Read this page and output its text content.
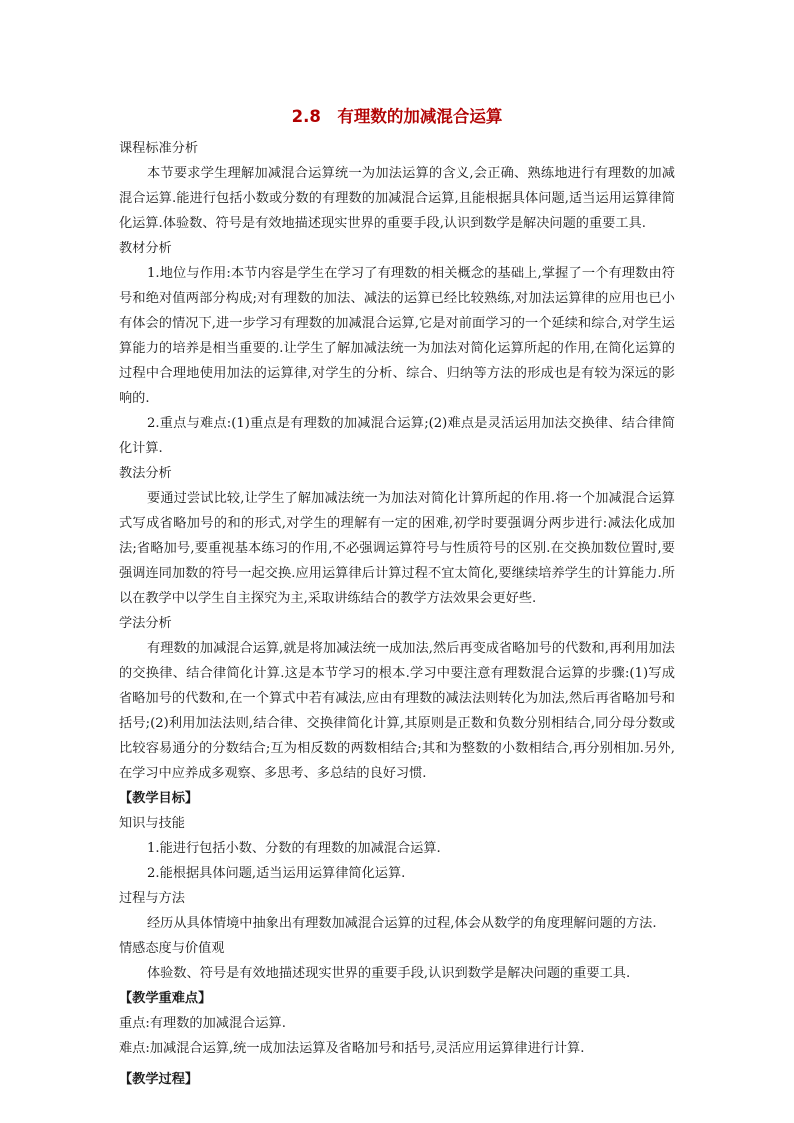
2.8　有理数的加减混合运算
课程标准分析

本节要求学生理解加减混合运算统一为加法运算的含义,会正确、熟练地进行有理数的加减混合运算.能进行包括小数或分数的有理数的加减混合运算,且能根据具体问题,适当运用运算律简化运算.体验数、符号是有效地描述现实世界的重要手段,认识到数学是解决问题的重要工具.

教材分析

1.地位与作用:本节内容是学生在学习了有理数的相关概念的基础上,掌握了一个有理数由符号和绝对值两部分构成;对有理数的加法、减法的运算已经比较熟练,对加法运算律的应用也已小有体会的情况下,进一步学习有理数的加减混合运算,它是对前面学习的一个延续和综合,对学生运算能力的培养是相当重要的.让学生了解加减法统一为加法对简化运算所起的作用,在简化运算的过程中合理地使用加法的运算律,对学生的分析、综合、归纳等方法的形成也是有较为深远的影响的.

2.重点与难点:(1)重点是有理数的加减混合运算;(2)难点是灵活运用加法交换律、结合律简化计算.

教法分析

要通过尝试比较,让学生了解加减法统一为加法对简化计算所起的作用.将一个加减混合运算式写成省略加号的和的形式,对学生的理解有一定的困难,初学时要强调分两步进行:减法化成加法;省略加号,要重视基本练习的作用,不必强调运算符号与性质符号的区别.在交换加数位置时,要强调连同加数的符号一起交换.应用运算律后计算过程不宜太简化,要继续培养学生的计算能力.所以在教学中以学生自主探究为主,采取讲练结合的教学方法效果会更好些.

学法分析

有理数的加减混合运算,就是将加减法统一成加法,然后再变成省略加号的代数和,再利用加法的交换律、结合律简化计算.这是本节学习的根本.学习中要注意有理数混合运算的步骤:(1)写成省略加号的代数和,在一个算式中若有减法,应由有理数的减法法则转化为加法,然后再省略加号和括号;(2)利用加法法则,结合律、交换律简化计算,其原则是正数和负数分别相结合,同分母分数或比较容易通分的分数结合;互为相反数的两数相结合;其和为整数的小数相结合,再分别相加.另外,在学习中应养成多观察、多思考、多总结的良好习惯.

【教学目标】
知识与技能

1.能进行包括小数、分数的有理数的加减混合运算.

2.能根据具体问题,适当运用运算律简化运算.

过程与方法

经历从具体情境中抽象出有理数加减混合运算的过程,体会从数学的角度理解问题的方法.

情感态度与价值观

体验数、符号是有效地描述现实世界的重要手段,认识到数学是解决问题的重要工具.

【教学重难点】
重点:有理数的加减混合运算.
难点:加减混合运算,统一成加法运算及省略加号和括号,灵活应用运算律进行计算.
【教学过程】
